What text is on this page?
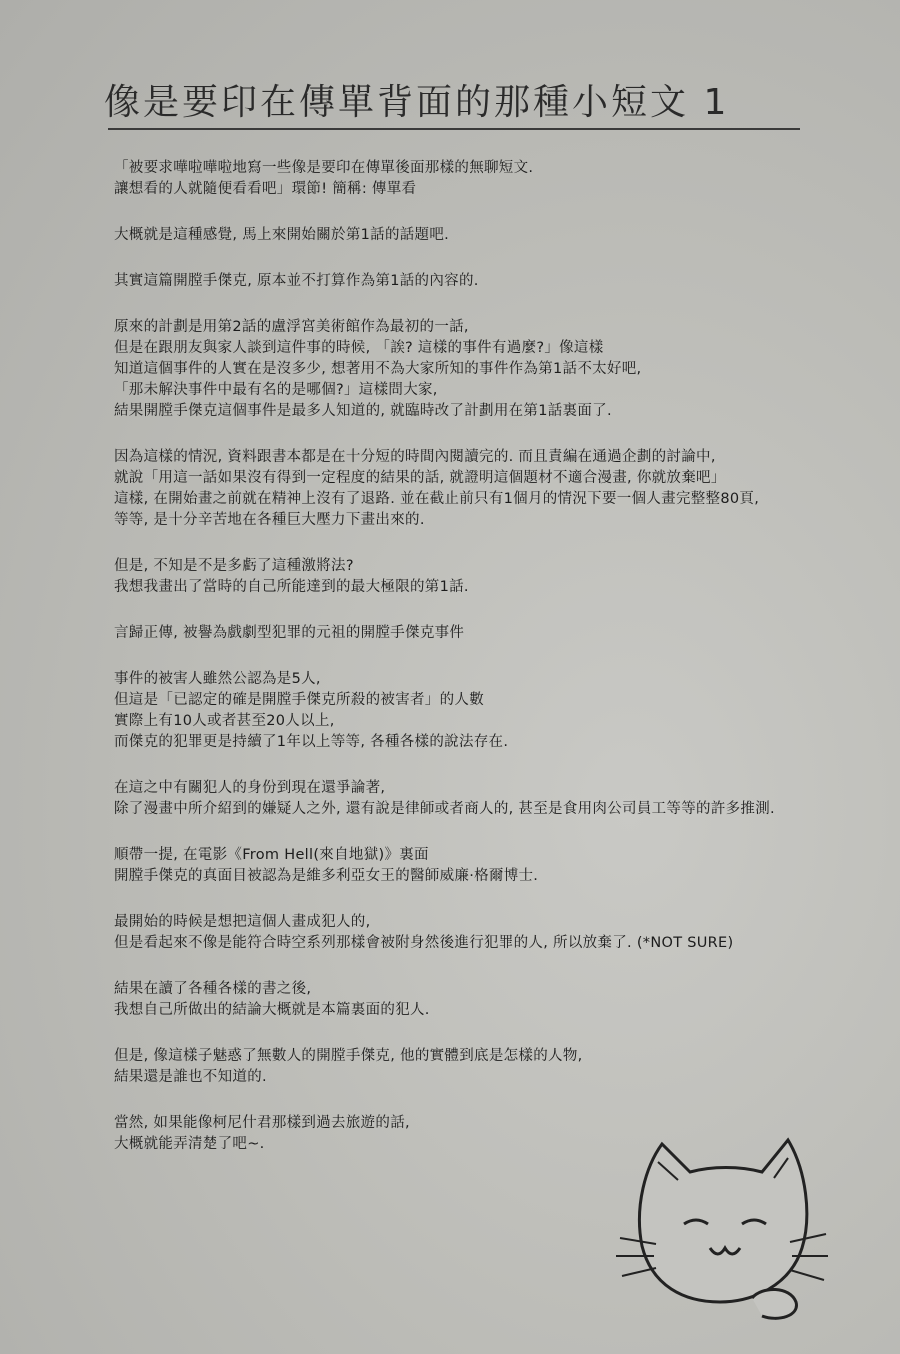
像是要印在傳單背面的那種小短文 1
「被要求嘩啦嘩啦地寫一些像是要印在傳單後面那樣的無聊短文.
讓想看的人就隨便看看吧」環節! 簡稱: 傳單看
大概就是這種感覺, 馬上來開始關於第1話的話題吧.
其實這篇開膛手傑克, 原本並不打算作為第1話的內容的.
原來的計劃是用第2話的盧浮宮美術館作為最初的一話,
但是在跟朋友與家人談到這件事的時候, 「誒? 這樣的事件有過麼?」像這樣
知道這個事件的人實在是沒多少, 想著用不為大家所知的事件作為第1話不太好吧,
「那未解決事件中最有名的是哪個?」這樣問大家,
結果開膛手傑克這個事件是最多人知道的, 就臨時改了計劃用在第1話裏面了.
因為這樣的情況, 資料跟書本都是在十分短的時間內閱讀完的. 而且責編在通過企劃的討論中,
就說「用這一話如果沒有得到一定程度的結果的話, 就證明這個題材不適合漫畫, 你就放棄吧」
這樣, 在開始畫之前就在精神上沒有了退路. 並在截止前只有1個月的情況下要一個人畫完整整80頁,
等等, 是十分辛苦地在各種巨大壓力下畫出來的.
但是, 不知是不是多虧了這種激將法?
我想我畫出了當時的自己所能達到的最大極限的第1話.
言歸正傳, 被譽為戲劇型犯罪的元祖的開膛手傑克事件
事件的被害人雖然公認為是5人,
但這是「已認定的確是開膛手傑克所殺的被害者」的人數
實際上有10人或者甚至20人以上,
而傑克的犯罪更是持續了1年以上等等, 各種各樣的說法存在.
在這之中有關犯人的身份到現在還爭論著,
除了漫畫中所介紹到的嫌疑人之外, 還有說是律師或者商人的, 甚至是食用肉公司員工等等的許多推測.
順帶一提, 在電影《From Hell(來自地獄)》裏面
開膛手傑克的真面目被認為是維多利亞女王的醫師威廉·格爾博士.
最開始的時候是想把這個人畫成犯人的,
但是看起來不像是能符合時空系列那樣會被附身然後進行犯罪的人, 所以放棄了. (*NOT SURE)
結果在讀了各種各樣的書之後,
我想自己所做出的結論大概就是本篇裏面的犯人.
但是, 像這樣子魅惑了無數人的開膛手傑克, 他的實體到底是怎樣的人物,
結果還是誰也不知道的.
當然, 如果能像柯尼什君那樣到過去旅遊的話,
大概就能弄清楚了吧~.
